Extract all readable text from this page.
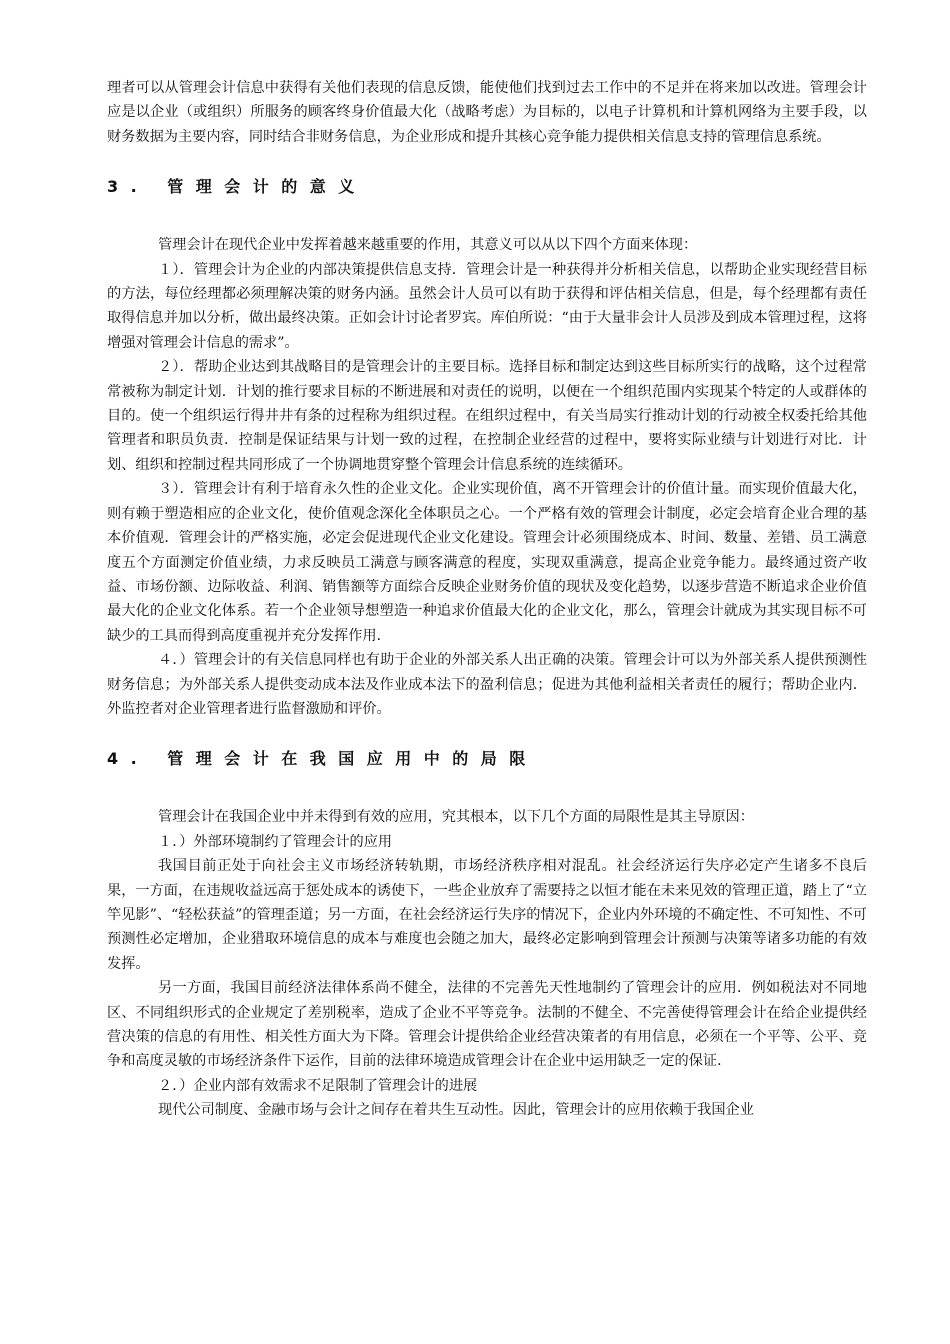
理者可以从管理会计信息中获得有关他们表现的信息反馈，能使他们找到过去工作中的不足并在将来加以改进。管理会计应是以企业（或组织）所服务的顾客终身价值最大化（战略考虑）为目标的，以电子计算机和计算机网络为主要手段，以财务数据为主要内容，同时结合非财务信息，为企业形成和提升其核心竞争能力提供相关信息支持的管理信息系统。

3. 管理会计的意义

管理会计在现代企业中发挥着越来越重要的作用，其意义可以从以下四个方面来体现：

１）．管理会计为企业的内部决策提供信息支持．管理会计是一种获得并分析相关信息，以帮助企业实现经营目标的方法，每位经理都必须理解决策的财务内涵。虽然会计人员可以有助于获得和评估相关信息，但是，每个经理都有责任取得信息并加以分析，做出最终决策。正如会计讨论者罗宾。库伯所说：“由于大量非会计人员涉及到成本管理过程，这将增强对管理会计信息的需求”。

２）．帮助企业达到其战略目的是管理会计的主要目标。选择目标和制定达到这些目标所实行的战略，这个过程常常被称为制定计划．计划的推行要求目标的不断进展和对责任的说明，以便在一个组织范围内实现某个特定的人或群体的目的。使一个组织运行得井井有条的过程称为组织过程。在组织过程中，有关当局实行推动计划的行动被全权委托给其他管理者和职员负责．控制是保证结果与计划一致的过程，在控制企业经营的过程中，要将实际业绩与计划进行对比．计划、组织和控制过程共同形成了一个协调地贯穿整个管理会计信息系统的连续循环。

３）．管理会计有利于培育永久性的企业文化。企业实现价值，离不开管理会计的价值计量。而实现价值最大化，则有赖于塑造相应的企业文化，使价值观念深化全体职员之心。一个严格有效的管理会计制度，必定会培育企业合理的基本价值观．管理会计的严格实施，必定会促进现代企业文化建设。管理会计必须围绕成本、时间、数量、差错、员工满意度五个方面测定价值业绩，力求反映员工满意与顾客满意的程度，实现双重满意，提高企业竞争能力。最终通过资产收益、市场份额、边际收益、利润、销售额等方面综合反映企业财务价值的现状及变化趋势，以逐步营造不断追求企业价值最大化的企业文化体系。若一个企业领导想塑造一种追求价值最大化的企业文化，那么，管理会计就成为其实现目标不可缺少的工具而得到高度重视并充分发挥作用．

４．）管理会计的有关信息同样也有助于企业的外部关系人出正确的决策。管理会计可以为外部关系人提供预测性财务信息；为外部关系人提供变动成本法及作业成本法下的盈利信息；促进为其他利益相关者责任的履行；帮助企业内．外监控者对企业管理者进行监督激励和评价。

4. 管理会计在我国应用中的局限

管理会计在我国企业中并未得到有效的应用，究其根本，以下几个方面的局限性是其主导原因：

１．）外部环境制约了管理会计的应用

我国目前正处于向社会主义市场经济转轨期，市场经济秩序相对混乱。社会经济运行失序必定产生诸多不良后果，一方面，在违规收益远高于惩处成本的诱使下，一些企业放弃了需要持之以恒才能在未来见效的管理正道，踏上了“立竿见影”、“轻松获益”的管理歪道；另一方面，在社会经济运行失序的情况下，企业内外环境的不确定性、不可知性、不可预测性必定增加，企业猎取环境信息的成本与难度也会随之加大，最终必定影响到管理会计预测与决策等诸多功能的有效发挥。

另一方面，我国目前经济法律体系尚不健全，法律的不完善先天性地制约了管理会计的应用．例如税法对不同地区、不同组织形式的企业规定了差别税率，造成了企业不平等竞争。法制的不健全、不完善使得管理会计在给企业提供经营决策的信息的有用性、相关性方面大为下降。管理会计提供给企业经营决策者的有用信息，必须在一个平等、公平、竞争和高度灵敏的市场经济条件下运作，目前的法律环境造成管理会计在企业中运用缺乏一定的保证．

２．）企业内部有效需求不足限制了管理会计的进展

现代公司制度、金融市场与会计之间存在着共生互动性。因此，管理会计的应用依赖于我国企业
